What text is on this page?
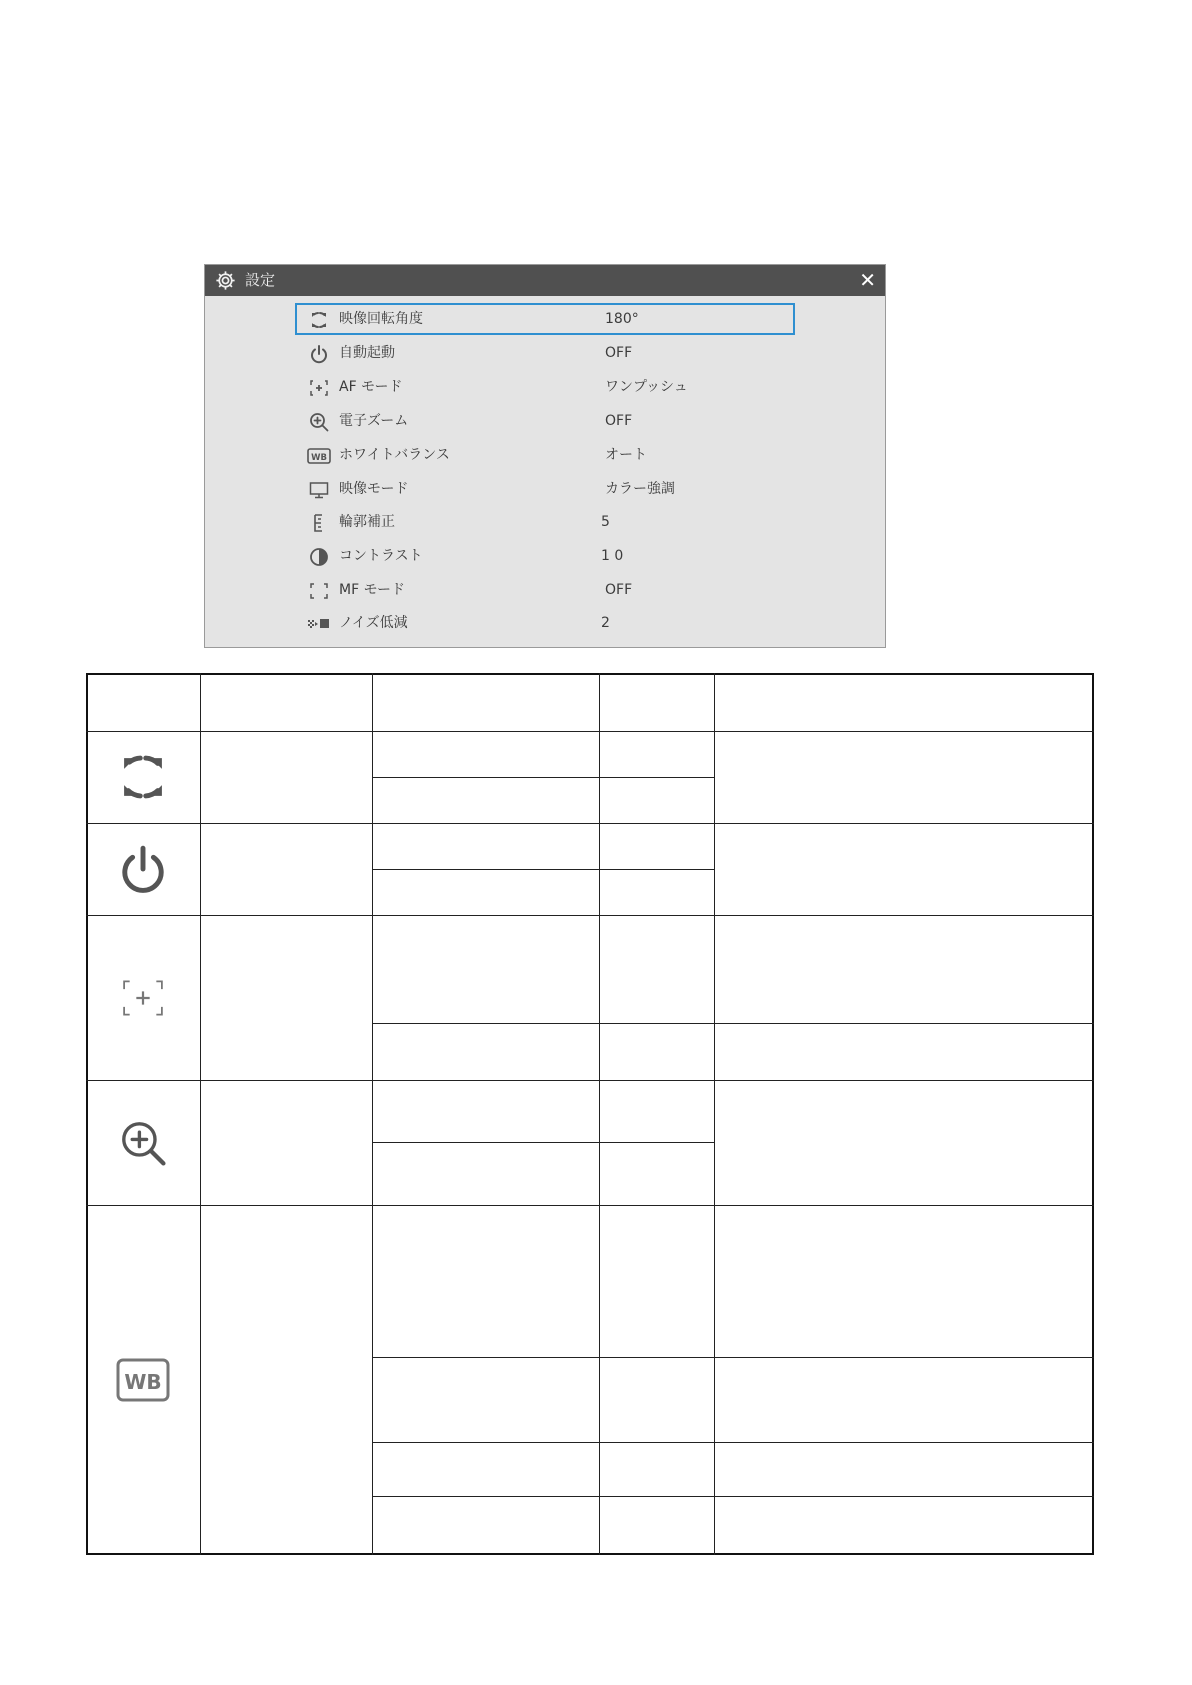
設定	✕
映像回転角度	180°
自動起動	OFF
AF モード	ワンプッシュ
電子ズーム	OFF
WB ホワイトバランス	オート
映像モード	カラー強調
輪郭補正	5
コントラスト	1 0
MF モード	OFF
ノイズ低減	2
WB
